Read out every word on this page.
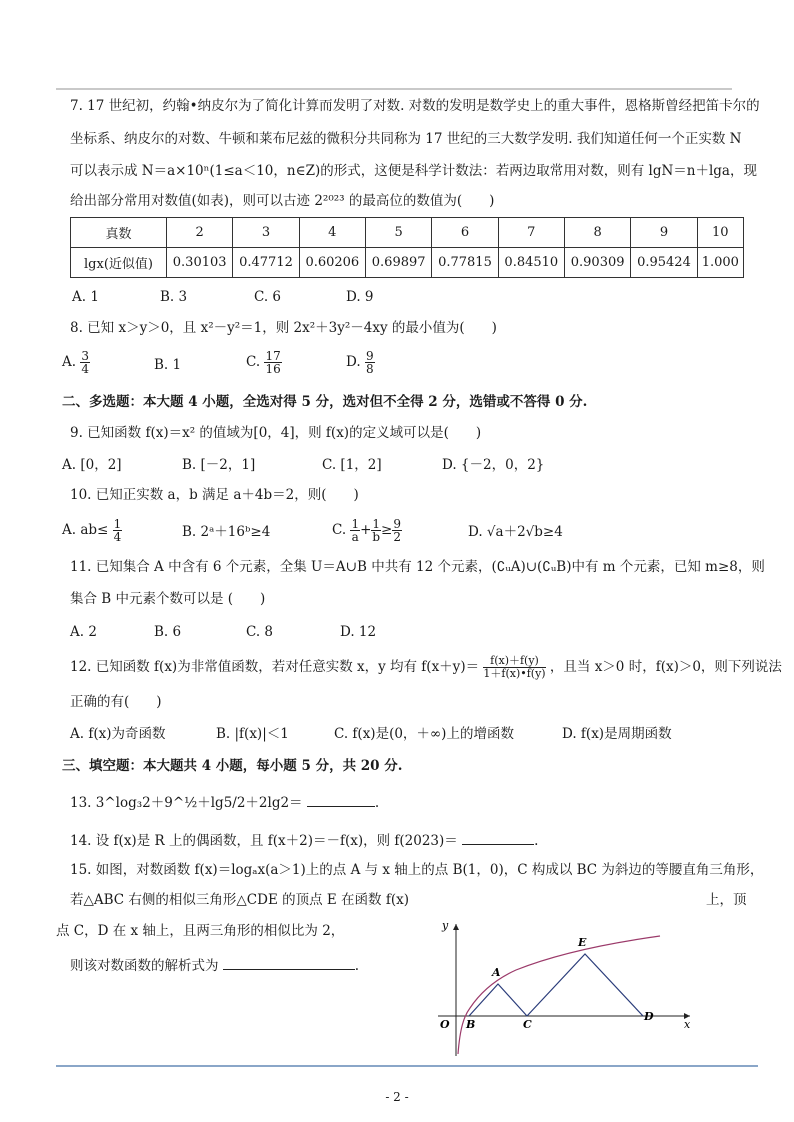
7. 17 世纪初，约翰•纳皮尔为了简化计算而发明了对数. 对数的发明是数学史上的重大事件，恩格斯曾经把笛卡尔的
坐标系、纳皮尔的对数、牛顿和莱布尼兹的微积分共同称为 17 世纪的三大数学发明. 我们知道任何一个正实数 N
可以表示成 N＝a×10ⁿ(1≤a＜10，n∈Z)的形式，这便是科学计数法：若两边取常用对数，则有 lgN＝n＋lga，现
给出部分常用对数值(如表)，则可以古迹 2²⁰²³ 的最高位的数值为(　　)
真数	2	3	4	5	6	7	8	9	10
lgx(近似值)	0.30103	0.47712	0.60206	0.69897	0.77815	0.84510	0.90309	0.95424	1.000
A. 1	B. 3	C. 6	D. 9
8. 已知 x＞y＞0，且 x²－y²＝1，则 2x²＋3y²－4xy 的最小值为(　　)
A. $\frac{3}{4}$	B. 1	C. $\frac{17}{16}$	D. $\frac{9}{8}$
二、多选题：本大题 4 小题，全选对得 5 分，选对但不全得 2 分，选错或不答得 0 分.
9. 已知函数 f(x)＝x² 的值域为[0，4]，则 f(x)的定义域可以是(　　)
A. [0，2]	B. [－2，1]	C. [1，2]	D. {－2，0，2}
10. 已知正实数 a，b 满足 a＋4b＝2，则(　　)
A. $ab\le \frac{1}{4}$	B. 2ᵃ＋16ᵇ≥4	C. $\frac{1}{a} + \frac{1}{b} \ge \frac{9}{2}$	D. √a＋2√b≥4
11. 已知集合 A 中含有 6 个元素，全集 U＝A∪B 中共有 12 个元素，(∁ᵤA)∪(∁ᵤB)中有 m 个元素，已知 m≥8，则
集合 B 中元素个数可以是 (　　)
A. 2	B. 6	C. 8	D. 12
12. 已知函数 f(x)为非常值函数，若对任意实数 x，y 均有 $f(x+y)= \frac{f(x)+f(y)}{1+f(x)•f(y)}$ ，且当 x＞0 时，f(x)＞0，则下列说法
正确的有(　　)
A. f(x)为奇函数	B. |f(x)|＜1	C. f(x)是(0，＋∞)上的增函数	D. f(x)是周期函数
三、填空题：本大题共 4 小题，每小题 5 分，共 20 分.
13. 3^log₃2＋9^½＋lg5/2＋2lg2＝	.
14. 设 f(x)是 R 上的偶函数，且 f(x＋2)＝－f(x)，则 f(2023)＝	.
15. 如图，对数函数 f(x)＝logₐx(a＞1)上的点 A 与 x 轴上的点 B(1，0)，C 构成以 BC 为斜边的等腰直角三角形，
若△ABC 右侧的相似三角形△CDE 的顶点 E 在函数 f(x)	上，顶
点 C，D 在 x 轴上，且两三角形的相似比为 2，
则该对数函数的解析式为	.
y
x
O
A
B	C
D
E
- 2 -
